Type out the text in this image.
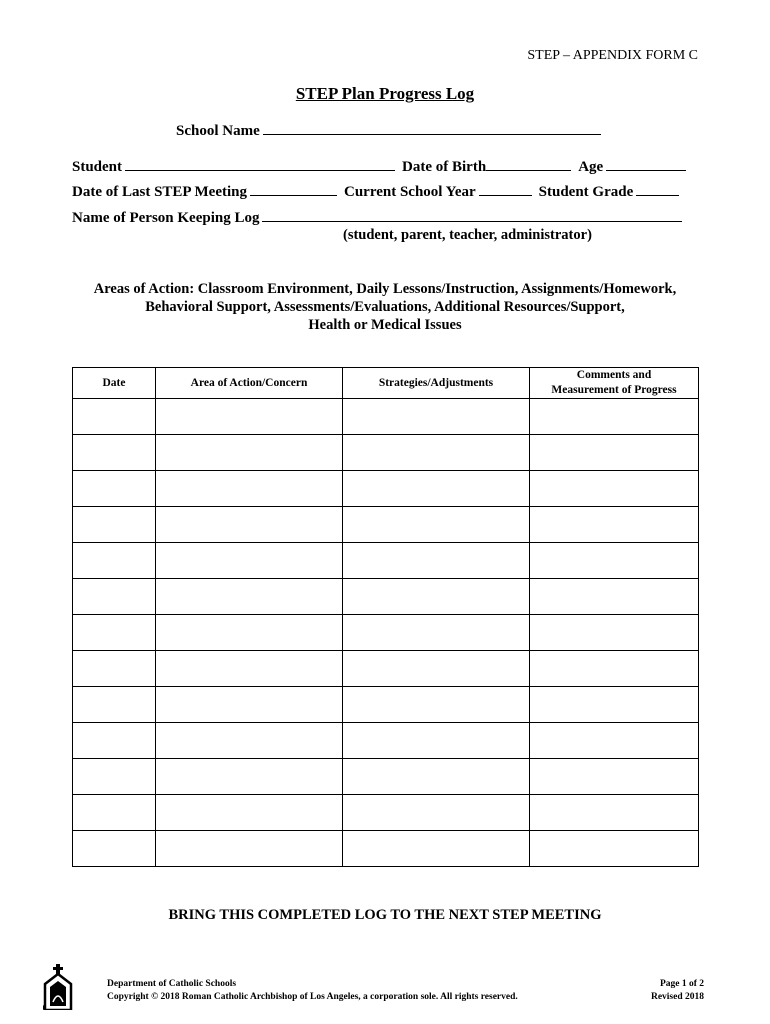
STEP – APPENDIX FORM C
STEP Plan Progress Log
School Name
Student	Date of Birth	Age
Date of Last STEP Meeting	Current School Year	Student Grade
Name of Person Keeping Log
(student, parent, teacher, administrator)
Areas of Action: Classroom Environment, Daily Lessons/Instruction, Assignments/Homework,
Behavioral Support, Assessments/Evaluations, Additional Resources/Support,
Health or Medical Issues
Date	Area of Action/Concern	Strategies/Adjustments	Comments and
Measurement of Progress

BRING THIS COMPLETED LOG TO THE NEXT STEP MEETING
Department of Catholic Schools
Copyright © 2018 Roman Catholic Archbishop of Los Angeles, a corporation sole. All rights reserved.
Page 1 of 2
Revised 2018
